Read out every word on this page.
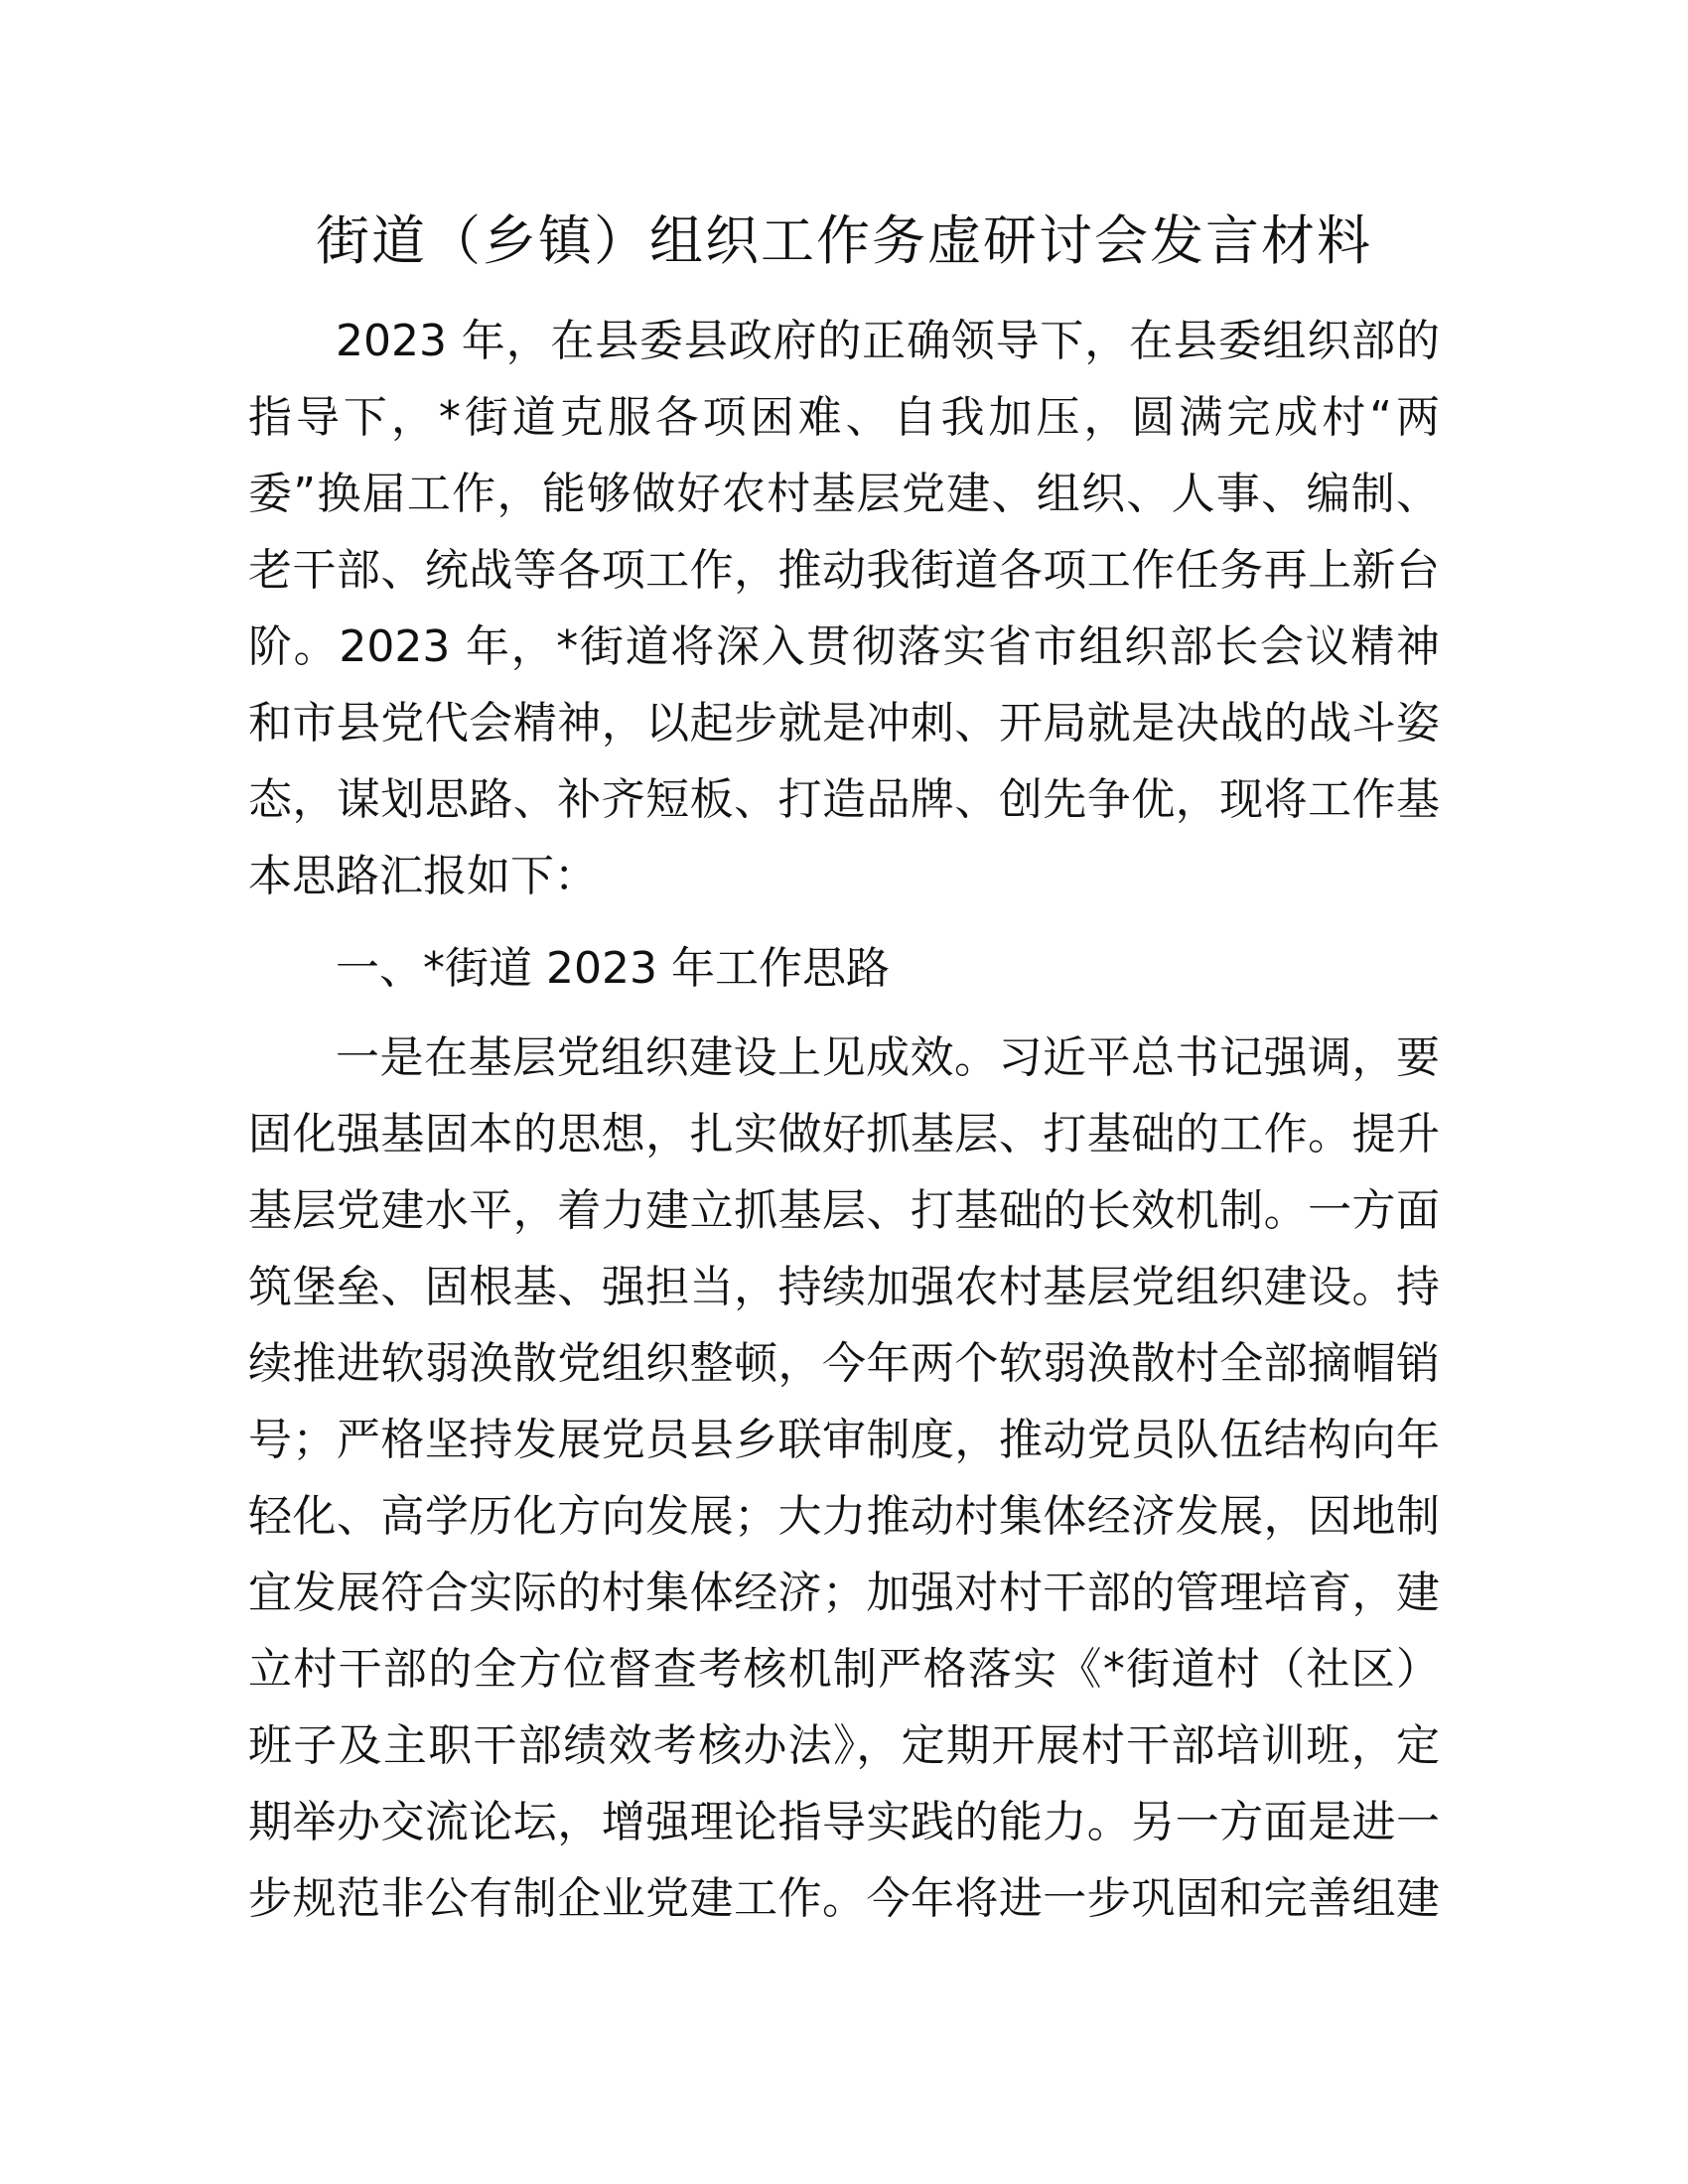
街道（乡镇）组织工作务虚研讨会发言材料
2023 年，在县委县政府的正确领导下，在县委组织部的
指导下，*街道克服各项困难、自我加压，圆满完成村“两
委”换届工作，能够做好农村基层党建、组织、人事、编制、
老干部、统战等各项工作，推动我街道各项工作任务再上新台
阶。2023 年，*街道将深入贯彻落实省市组织部长会议精神
和市县党代会精神，以起步就是冲刺、开局就是决战的战斗姿
态，谋划思路、补齐短板、打造品牌、创先争优，现将工作基
本思路汇报如下：
一、*街道 2023 年工作思路
一是在基层党组织建设上见成效。习近平总书记强调，要
固化强基固本的思想，扎实做好抓基层、打基础的工作。提升
基层党建水平，着力建立抓基层、打基础的长效机制。一方面
筑堡垒、固根基、强担当，持续加强农村基层党组织建设。持
续推进软弱涣散党组织整顿，今年两个软弱涣散村全部摘帽销
号；严格坚持发展党员县乡联审制度，推动党员队伍结构向年
轻化、高学历化方向发展；大力推动村集体经济发展，因地制
宜发展符合实际的村集体经济；加强对村干部的管理培育，建
立村干部的全方位督查考核机制严格落实《*街道村（社区）
班子及主职干部绩效考核办法》，定期开展村干部培训班，定
期举办交流论坛，增强理论指导实践的能力。另一方面是进一
步规范非公有制企业党建工作。今年将进一步巩固和完善组建
